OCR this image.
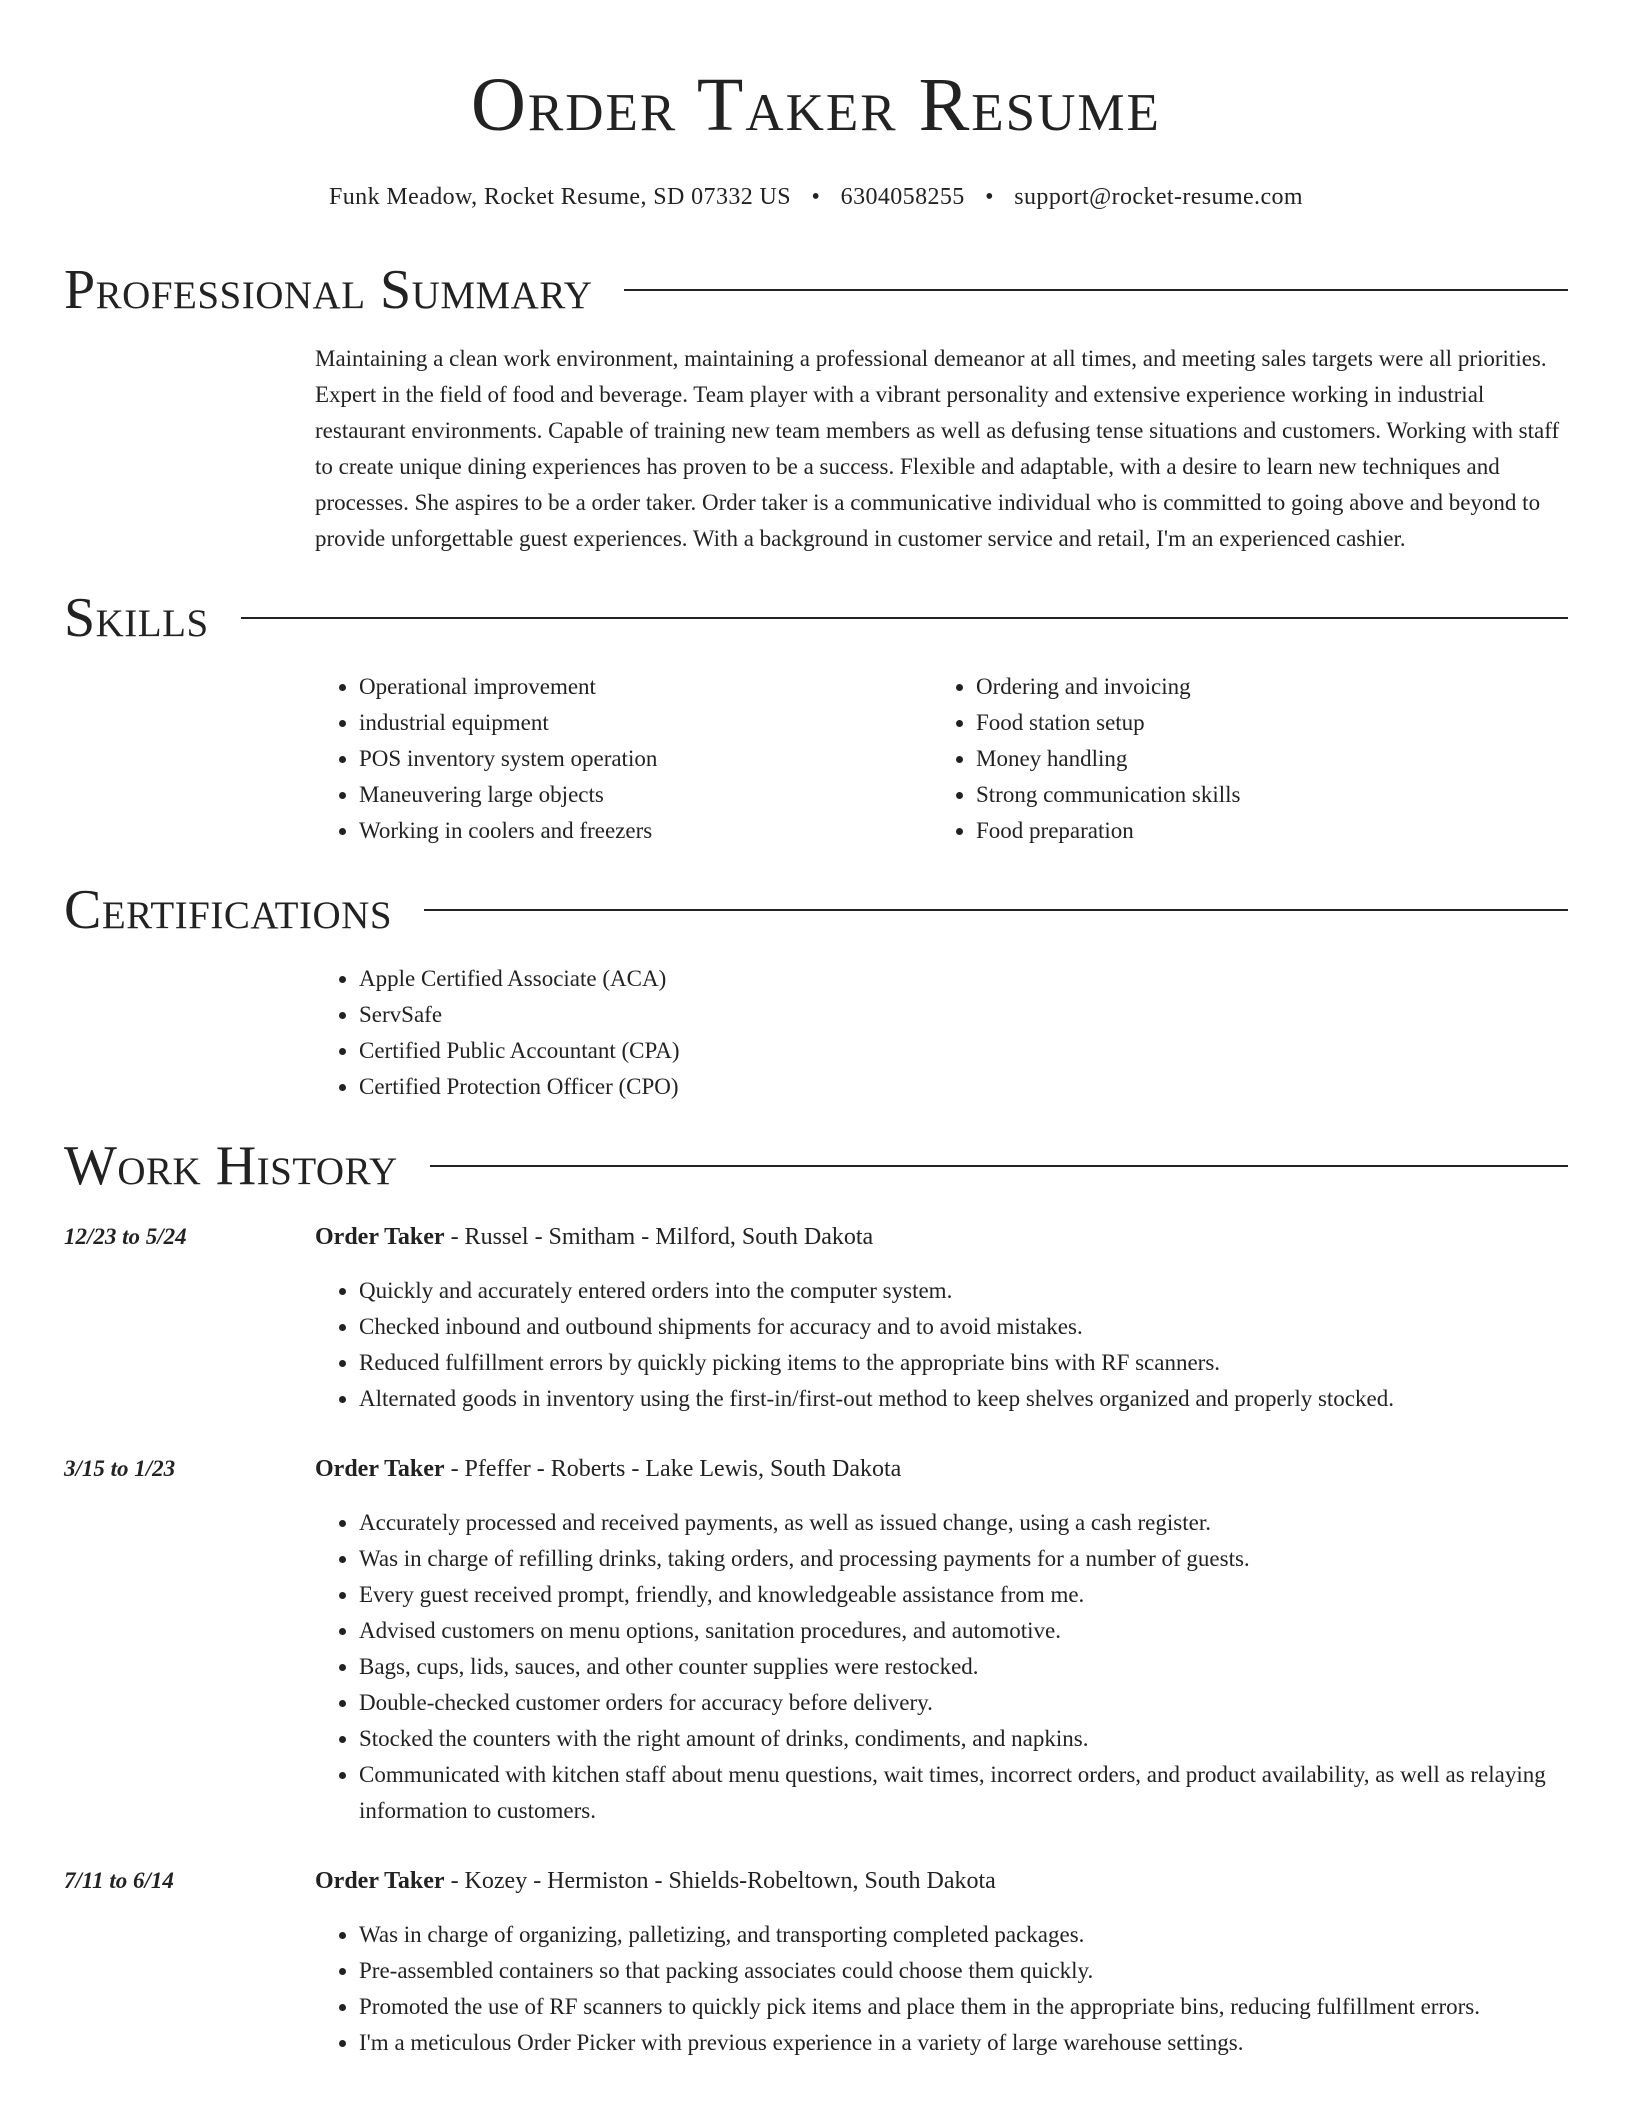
Order Taker Resume
Funk Meadow, Rocket Resume, SD 07332 US • 6304058255 • support@rocket-resume.com
Professional Summary
Maintaining a clean work environment, maintaining a professional demeanor at all times, and meeting sales targets were all priorities. Expert in the field of food and beverage. Team player with a vibrant personality and extensive experience working in industrial restaurant environments. Capable of training new team members as well as defusing tense situations and customers. Working with staff to create unique dining experiences has proven to be a success. Flexible and adaptable, with a desire to learn new techniques and processes. She aspires to be a order taker. Order taker is a communicative individual who is committed to going above and beyond to provide unforgettable guest experiences. With a background in customer service and retail, I'm an experienced cashier.
Skills
• Operational improvement
• industrial equipment
• POS inventory system operation
• Maneuvering large objects
• Working in coolers and freezers
• Ordering and invoicing
• Food station setup
• Money handling
• Strong communication skills
• Food preparation
Certifications
• Apple Certified Associate (ACA)
• ServSafe
• Certified Public Accountant (CPA)
• Certified Protection Officer (CPO)
Work History
12/23 to 5/24	Order Taker - Russel - Smitham - Milford, South Dakota
• Quickly and accurately entered orders into the computer system.
• Checked inbound and outbound shipments for accuracy and to avoid mistakes.
• Reduced fulfillment errors by quickly picking items to the appropriate bins with RF scanners.
• Alternated goods in inventory using the first-in/first-out method to keep shelves organized and properly stocked.
3/15 to 1/23	Order Taker - Pfeffer - Roberts - Lake Lewis, South Dakota
• Accurately processed and received payments, as well as issued change, using a cash register.
• Was in charge of refilling drinks, taking orders, and processing payments for a number of guests.
• Every guest received prompt, friendly, and knowledgeable assistance from me.
• Advised customers on menu options, sanitation procedures, and automotive.
• Bags, cups, lids, sauces, and other counter supplies were restocked.
• Double-checked customer orders for accuracy before delivery.
• Stocked the counters with the right amount of drinks, condiments, and napkins.
• Communicated with kitchen staff about menu questions, wait times, incorrect orders, and product availability, as well as relaying information to customers.
7/11 to 6/14	Order Taker - Kozey - Hermiston - Shields-Robeltown, South Dakota
• Was in charge of organizing, palletizing, and transporting completed packages.
• Pre-assembled containers so that packing associates could choose them quickly.
• Promoted the use of RF scanners to quickly pick items and place them in the appropriate bins, reducing fulfillment errors.
• I'm a meticulous Order Picker with previous experience in a variety of large warehouse settings.
